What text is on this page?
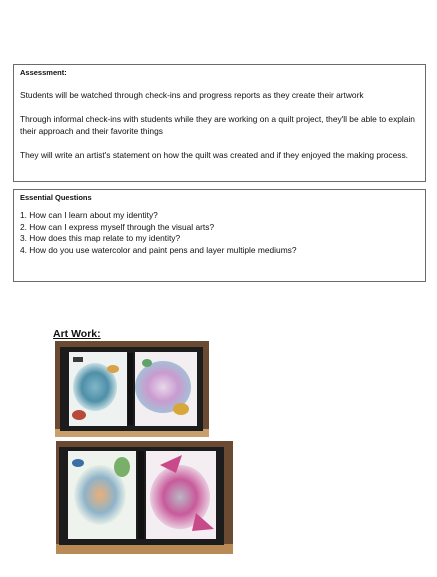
Assessment:

Students will be watched through check-ins and progress reports as they create their artwork

Through informal check-ins with students while they are working on a quilt project, they'll be able to explain their approach and their favorite things

They will write an artist's statement on how the quilt was created and if they enjoyed the making process.

Essential Questions
1. How can I learn about my identity?
2. How can I express myself through the visual arts?
3. How does this map relate to my identity?
4. How do you use watercolor and paint pens and layer multiple mediums?
Art Work:
